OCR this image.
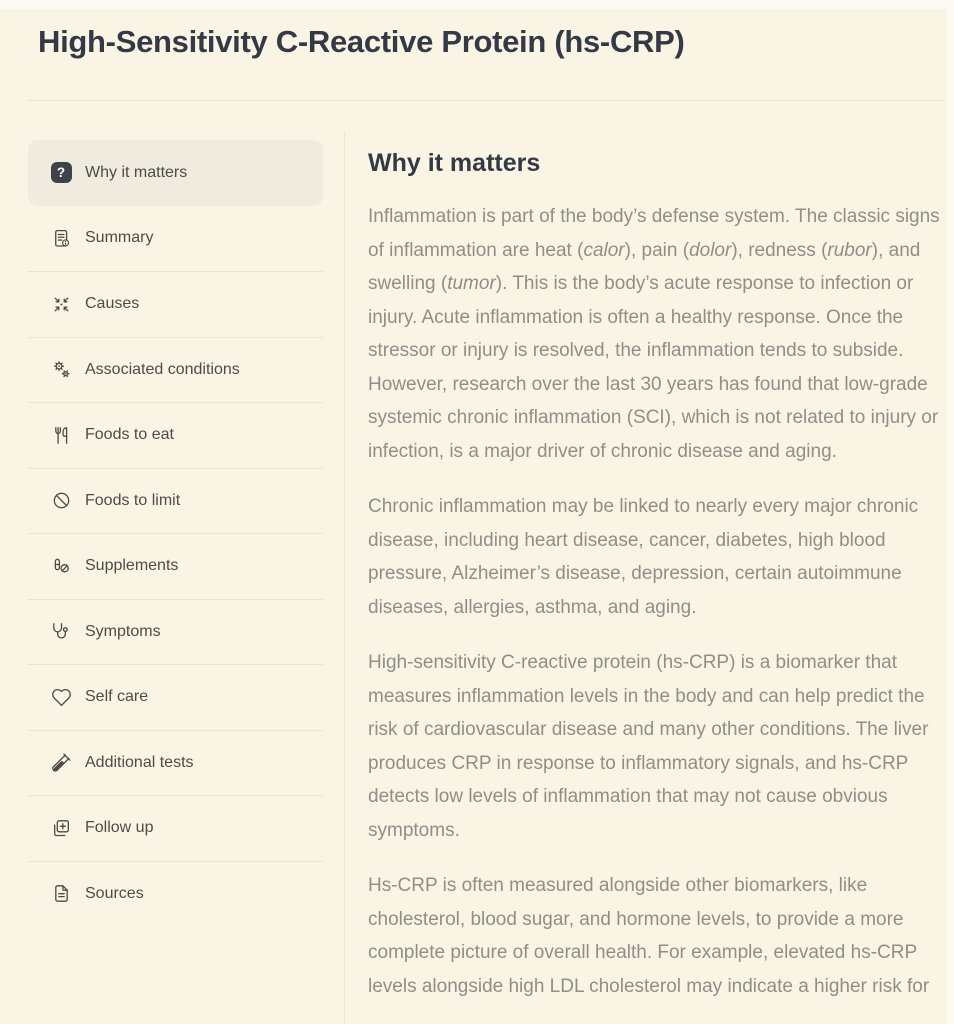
High-Sensitivity C-Reactive Protein (hs-CRP)
?	Why it matters
Summary
Causes
Associated conditions
Foods to eat
Foods to limit
Supplements
Symptoms
Self care
Additional tests
Follow up
Sources
Why it matters

Inflammation is part of the body’s defense system. The classic signs of inflammation are heat (calor), pain (dolor), redness (rubor), and swelling (tumor). This is the body’s acute response to infection or injury. Acute inflammation is often a healthy response. Once the stressor or injury is resolved, the inflammation tends to subside. However, research over the last 30 years has found that low-grade systemic chronic inflammation (SCI), which is not related to injury or infection, is a major driver of chronic disease and aging.

Chronic inflammation may be linked to nearly every major chronic disease, including heart disease, cancer, diabetes, high blood pressure, Alzheimer’s disease, depression, certain autoimmune diseases, allergies, asthma, and aging.

High-sensitivity C-reactive protein (hs-CRP) is a biomarker that measures inflammation levels in the body and can help predict the risk of cardiovascular disease and many other conditions. The liver produces CRP in response to inflammatory signals, and hs-CRP detects low levels of inflammation that may not cause obvious symptoms.

Hs-CRP is often measured alongside other biomarkers, like cholesterol, blood sugar, and hormone levels, to provide a more complete picture of overall health. For example, elevated hs-CRP levels alongside high LDL cholesterol may indicate a higher risk for
